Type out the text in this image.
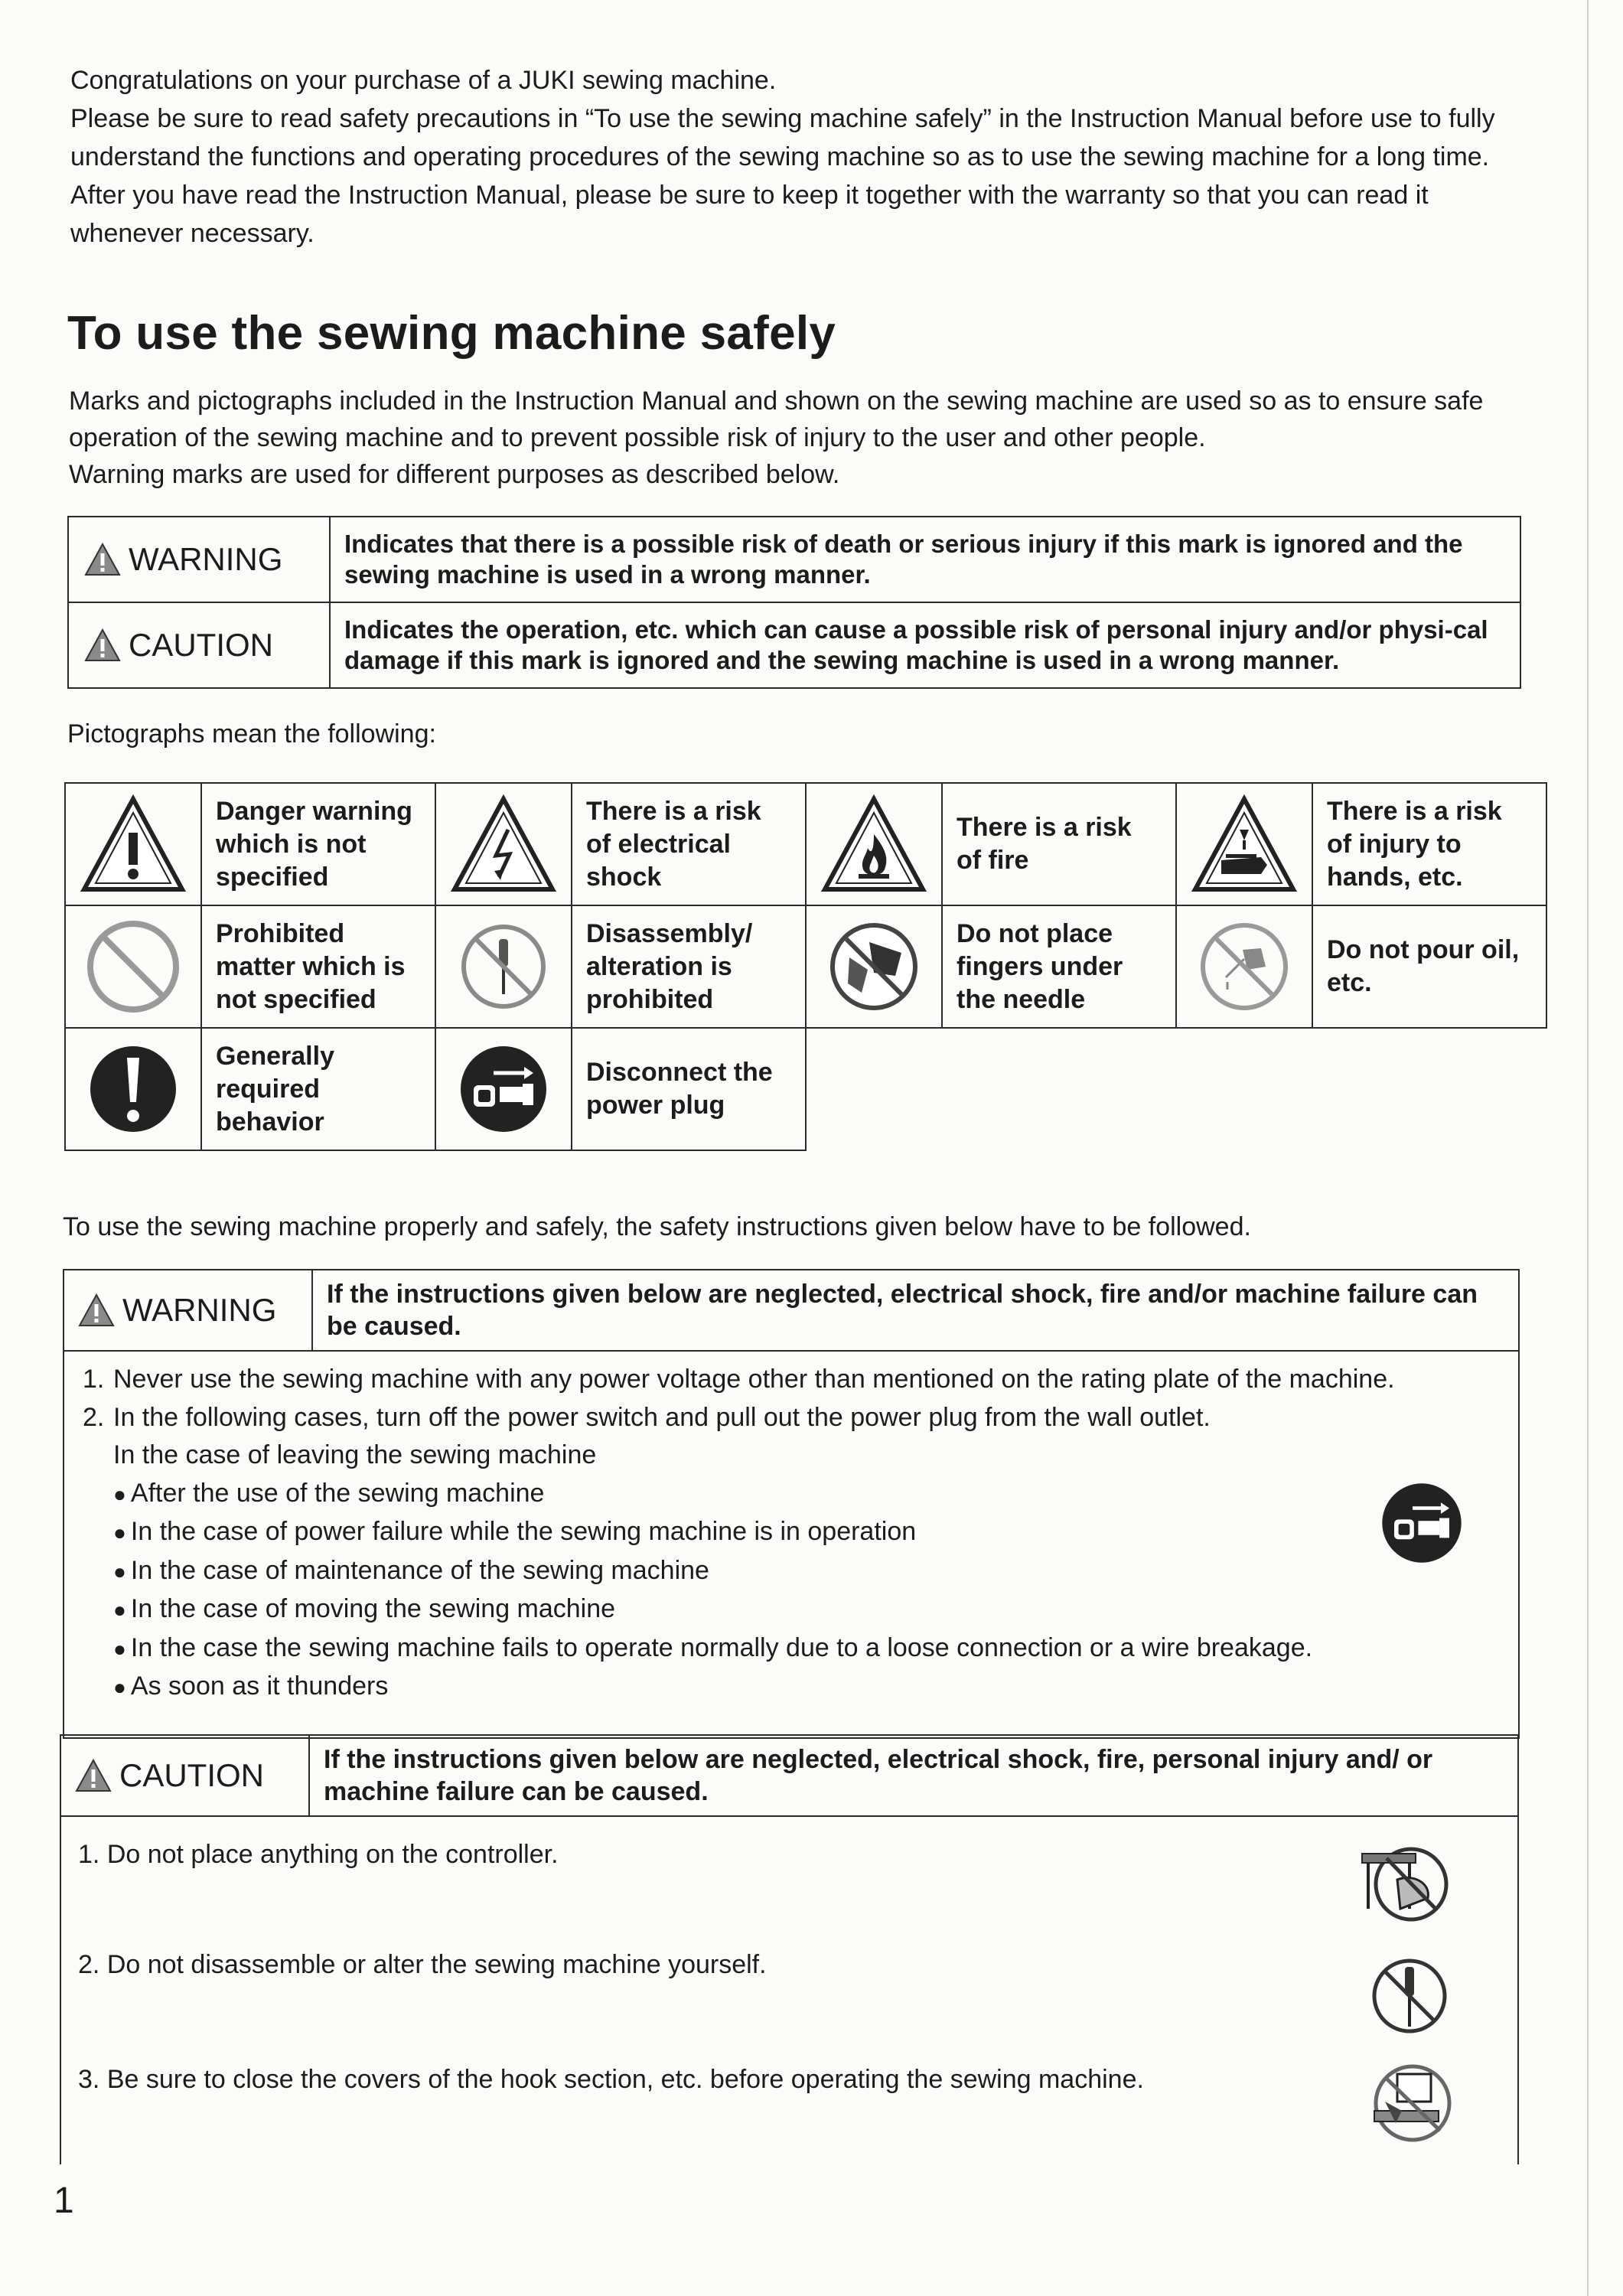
Congratulations on your purchase of a JUKI sewing machine.

Please be sure to read safety precautions in “To use the sewing machine safely” in the Instruction Manual before use to fully understand the functions and operating procedures of the sewing machine so as to use the sewing machine for a long time.

After you have read the Instruction Manual, please be sure to keep it together with the warranty so that you can read it whenever necessary.

To use the sewing machine safely

Marks and pictographs included in the Instruction Manual and shown on the sewing machine are used so as to ensure safe operation of the sewing machine and to prevent possible risk of injury to the user and other people.

Warning marks are used for different purposes as described below.

WARNING	Indicates that there is a possible risk of death or serious injury if this mark is ignored and the sewing machine is used in a wrong manner.
CAUTION	Indicates the operation, etc. which can cause a possible risk of personal injury and/or physi-cal damage if this mark is ignored and the sewing machine is used in a wrong manner.
Pictographs mean the following:
	Danger warning which is not specified		There is a risk of electrical shock		There is a risk of fire		There is a risk of injury to hands, etc.

	Prohibited matter which is not specified		Disassembly/ alteration is prohibited		Do not place fingers under the needle		Do not pour oil, etc.

	Generally required behavior		Disconnect the power plug				
To use the sewing machine properly and safely, the safety instructions given below have to be followed.
WARNING	If the instructions given below are neglected, electrical shock, fire and/or machine failure can be caused.
1. Never use the sewing machine with any power voltage other than mentioned on the rating plate of the machine.
2. In the following cases, turn off the power switch and pull out the power plug from the wall outlet.
In the case of leaving the sewing machine
● After the use of the sewing machine
● In the case of power failure while the sewing machine is in operation
● In the case of maintenance of the sewing machine
● In the case of moving the sewing machine
● In the case the sewing machine fails to operate normally due to a loose connection or a wire breakage.
● As soon as it thunders
CAUTION	If the instructions given below are neglected, electrical shock, fire, personal injury and/ or machine failure can be caused.
1. Do not place anything on the controller.
2. Do not disassemble or alter the sewing machine yourself.
3. Be sure to close the covers of the hook section, etc. before operating the sewing machine.
1
